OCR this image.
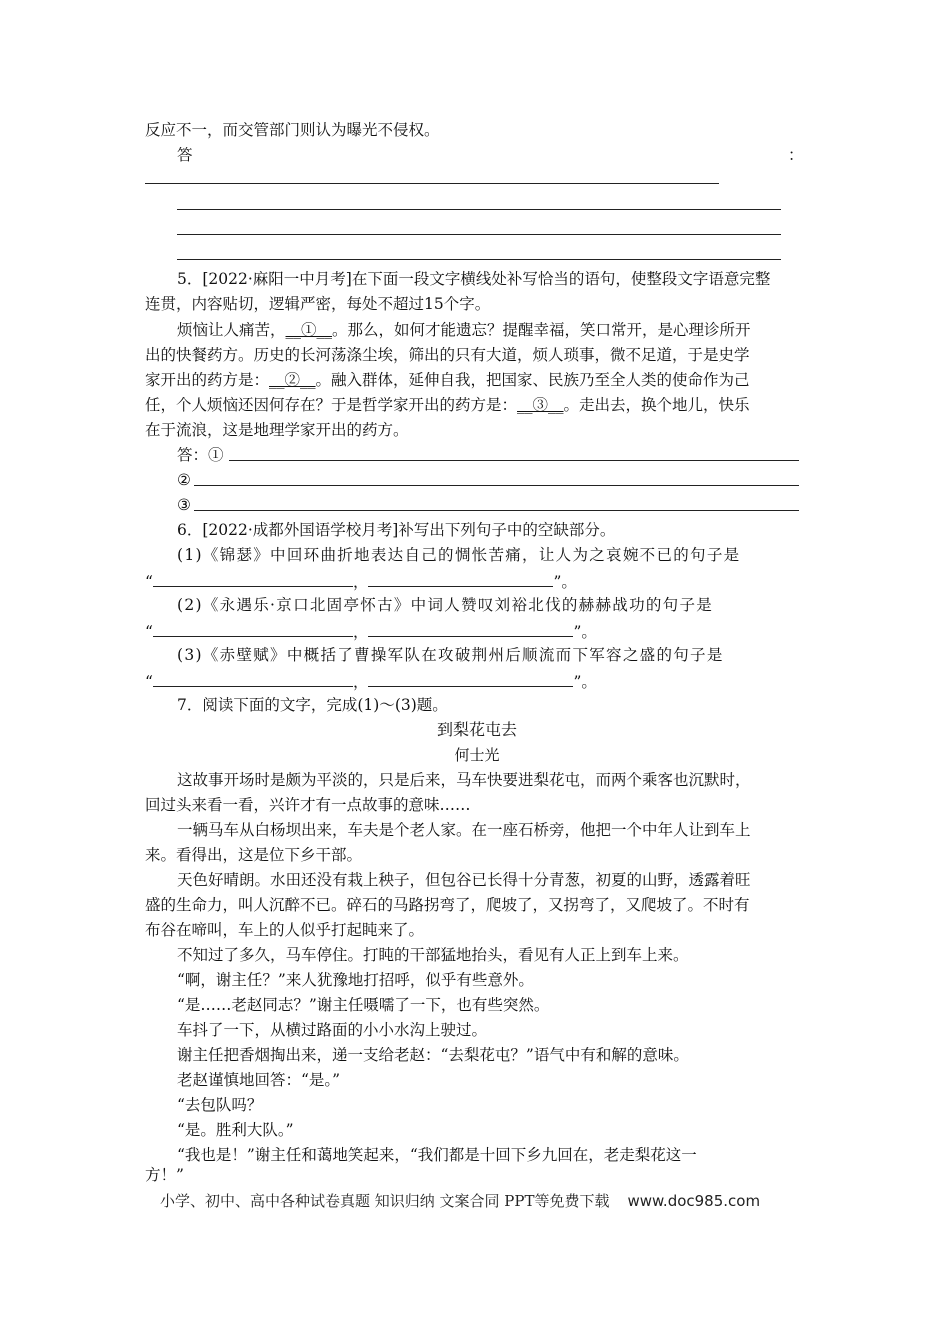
反应不一，而交管部门则认为曝光不侵权。
答	：
5．[2022·麻阳一中月考]在下面一段文字横线处补写恰当的语句，使整段文字语意完整
连贯，内容贴切，逻辑严密，每处不超过15个字。
烦恼让人痛苦，__①__。那么，如何才能遗忘？提醒幸福，笑口常开，是心理诊所开
出的快餐药方。历史的长河荡涤尘埃，筛出的只有大道，烦人琐事，微不足道，于是史学
家开出的药方是：__②__。融入群体，延伸自我，把国家、民族乃至全人类的使命作为己
任，个人烦恼还因何存在？于是哲学家开出的药方是：__③__。走出去，换个地儿，快乐
在于流浪，这是地理学家开出的药方。
答：①
②
③
6．[2022·成都外国语学校月考]补写出下列句子中的空缺部分。
(1)《锦瑟》中回环曲折地表达自己的惆怅苦痛，让人为之哀婉不已的句子是
“	，	”。
(2)《永遇乐·京口北固亭怀古》中词人赞叹刘裕北伐的赫赫战功的句子是
“	，	”。
(3)《赤壁赋》中概括了曹操军队在攻破荆州后顺流而下军容之盛的句子是
“	，	”。
7．阅读下面的文字，完成(1)～(3)题。
到梨花屯去
何士光
这故事开场时是颇为平淡的，只是后来，马车快要进梨花屯，而两个乘客也沉默时，
回过头来看一看，兴许才有一点故事的意味……
一辆马车从白杨坝出来，车夫是个老人家。在一座石桥旁，他把一个中年人让到车上
来。看得出，这是位下乡干部。
天色好晴朗。水田还没有栽上秧子，但包谷已长得十分青葱，初夏的山野，透露着旺
盛的生命力，叫人沉醉不已。碎石的马路拐弯了，爬坡了，又拐弯了，又爬坡了。不时有
布谷在啼叫，车上的人似乎打起盹来了。
不知过了多久，马车停住。打盹的干部猛地抬头，看见有人正上到车上来。
“啊，谢主任？”来人犹豫地打招呼，似乎有些意外。
“是……老赵同志？”谢主任嗫嚅了一下，也有些突然。
车抖了一下，从横过路面的小小水沟上驶过。
谢主任把香烟掏出来，递一支给老赵：“去梨花屯？”语气中有和解的意味。
老赵谨慎地回答：“是。”
“去包队吗？
“是。胜利大队。”
“我也是！”谢主任和蔼地笑起来，“我们都是十回下乡九回在，老走梨花这一
方！”
小学、初中、高中各种试卷真题 知识归纳 文案合同 PPT等免费下载 www.doc985.com
